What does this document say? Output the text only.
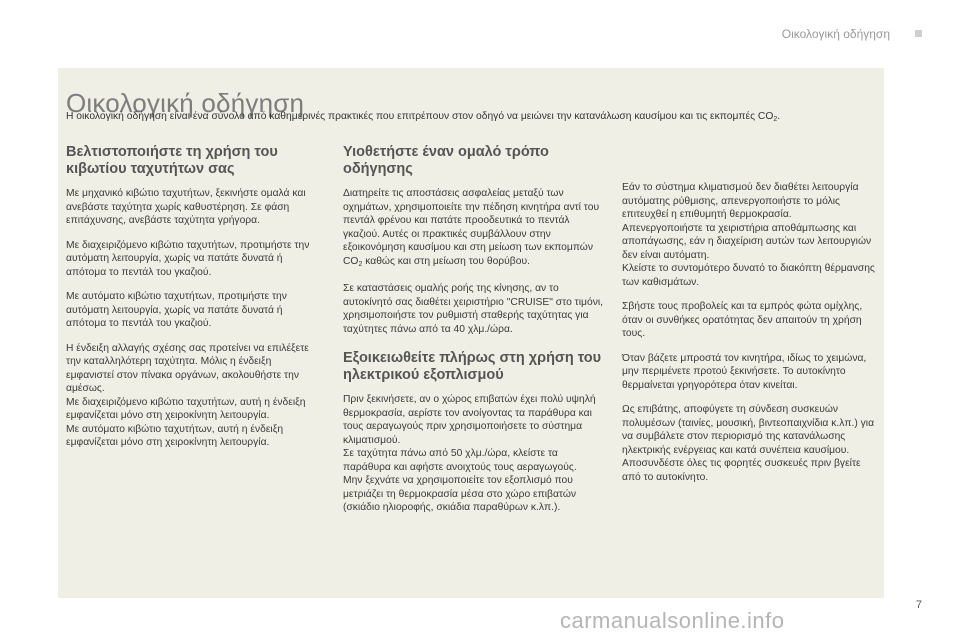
Οικολογική οδήγηση
Οικολογική οδήγηση
Η οικολογική οδήγηση είναι ένα σύνολο από καθημερινές πρακτικές που επιτρέπουν στον οδηγό να μειώνει την κατανάλωση καυσίμου και τις εκπομπές $CO_2$.
Βελτιστοποιήστε τη χρήση του κιβωτίου ταχυτήτων σας

Με μηχανικό κιβώτιο ταχυτήτων, ξεκινήστε ομαλά και ανεβάστε ταχύτητα χωρίς καθυστέρηση. Σε φάση επιτάχυνσης, ανεβάστε ταχύτητα γρήγορα.

Με διαχειριζόμενο κιβώτιο ταχυτήτων, προτιμήστε την αυτόματη λειτουργία, χωρίς να πατάτε δυνατά ή απότομα το πεντάλ του γκαζιού.

Με αυτόματο κιβώτιο ταχυτήτων, προτιμήστε την αυτόματη λειτουργία, χωρίς να πατάτε δυνατά ή απότομα το πεντάλ του γκαζιού.

Η ένδειξη αλλαγής σχέσης σας προτείνει να επιλέξετε την καταλληλότερη ταχύτητα. Μόλις η ένδειξη εμφανιστεί στον πίνακα οργάνων, ακολουθήστε την αμέσως.
Με διαχειριζόμενο κιβώτιο ταχυτήτων, αυτή η ένδειξη εμφανίζεται μόνο στη χειροκίνητη λειτουργία.
Με αυτόματο κιβώτιο ταχυτήτων, αυτή η ένδειξη εμφανίζεται μόνο στη χειροκίνητη λειτουργία.

Υιοθετήστε έναν ομαλό τρόπο οδήγησης

Διατηρείτε τις αποστάσεις ασφαλείας μεταξύ των οχημάτων, χρησιμοποιείτε την πέδηση κινητήρα αντί του πεντάλ φρένου και πατάτε προοδευτικά το πεντάλ γκαζιού. Αυτές οι πρακτικές συμβάλλουν στην εξοικονόμηση καυσίμου και στη μείωση των εκπομπών $CO_2$ καθώς και στη μείωση του θορύβου.

Σε καταστάσεις ομαλής ροής της κίνησης, αν το αυτοκίνητό σας διαθέτει χειριστήριο "CRUISE" στο τιμόνι, χρησιμοποιήστε τον ρυθμιστή σταθερής ταχύτητας για ταχύτητες πάνω από τα 40 χλμ./ώρα.

Εξοικειωθείτε πλήρως στη χρήση του ηλεκτρικού εξοπλισμού

Πριν ξεκινήσετε, αν ο χώρος επιβατών έχει πολύ υψηλή θερμοκρασία, αερίστε τον ανοίγοντας τα παράθυρα και τους αεραγωγούς πριν χρησιμοποιήσετε το σύστημα κλιματισμού.
Σε ταχύτητα πάνω από 50 χλμ./ώρα, κλείστε τα παράθυρα και αφήστε ανοιχτούς τους αεραγωγούς.
Μην ξεχνάτε να χρησιμοποιείτε τον εξοπλισμό που μετριάζει τη θερμοκρασία μέσα στο χώρο επιβατών (σκιάδιο ηλιοροφής, σκιάδια παραθύρων κ.λπ.).

Εάν το σύστημα κλιματισμού δεν διαθέτει λειτουργία αυτόματης ρύθμισης, απενεργοποιήστε το μόλις επιτευχθεί η επιθυμητή θερμοκρασία.
Απενεργοποιήστε τα χειριστήρια αποθάμπωσης και αποπάγωσης, εάν η διαχείριση αυτών των λειτουργιών δεν είναι αυτόματη.
Κλείστε το συντομότερο δυνατό το διακόπτη θέρμανσης των καθισμάτων.

Σβήστε τους προβολείς και τα εμπρός φώτα ομίχλης, όταν οι συνθήκες ορατότητας δεν απαιτούν τη χρήση τους.

Όταν βάζετε μπροστά τον κινητήρα, ιδίως το χειμώνα, μην περιμένετε προτού ξεκινήσετε. Το αυτοκίνητο θερμαίνεται γρηγορότερα όταν κινείται.

Ως επιβάτης, αποφύγετε τη σύνδεση συσκευών πολυμέσων (ταινίες, μουσική, βιντεοπαιχνίδια κ.λπ.) για να συμβάλετε στον περιορισμό της κατανάλωσης ηλεκτρικής ενέργειας και κατά συνέπεια καυσίμου.
Αποσυνδέστε όλες τις φορητές συσκευές πριν βγείτε από το αυτοκίνητο.

7
carmanualsonline.info
